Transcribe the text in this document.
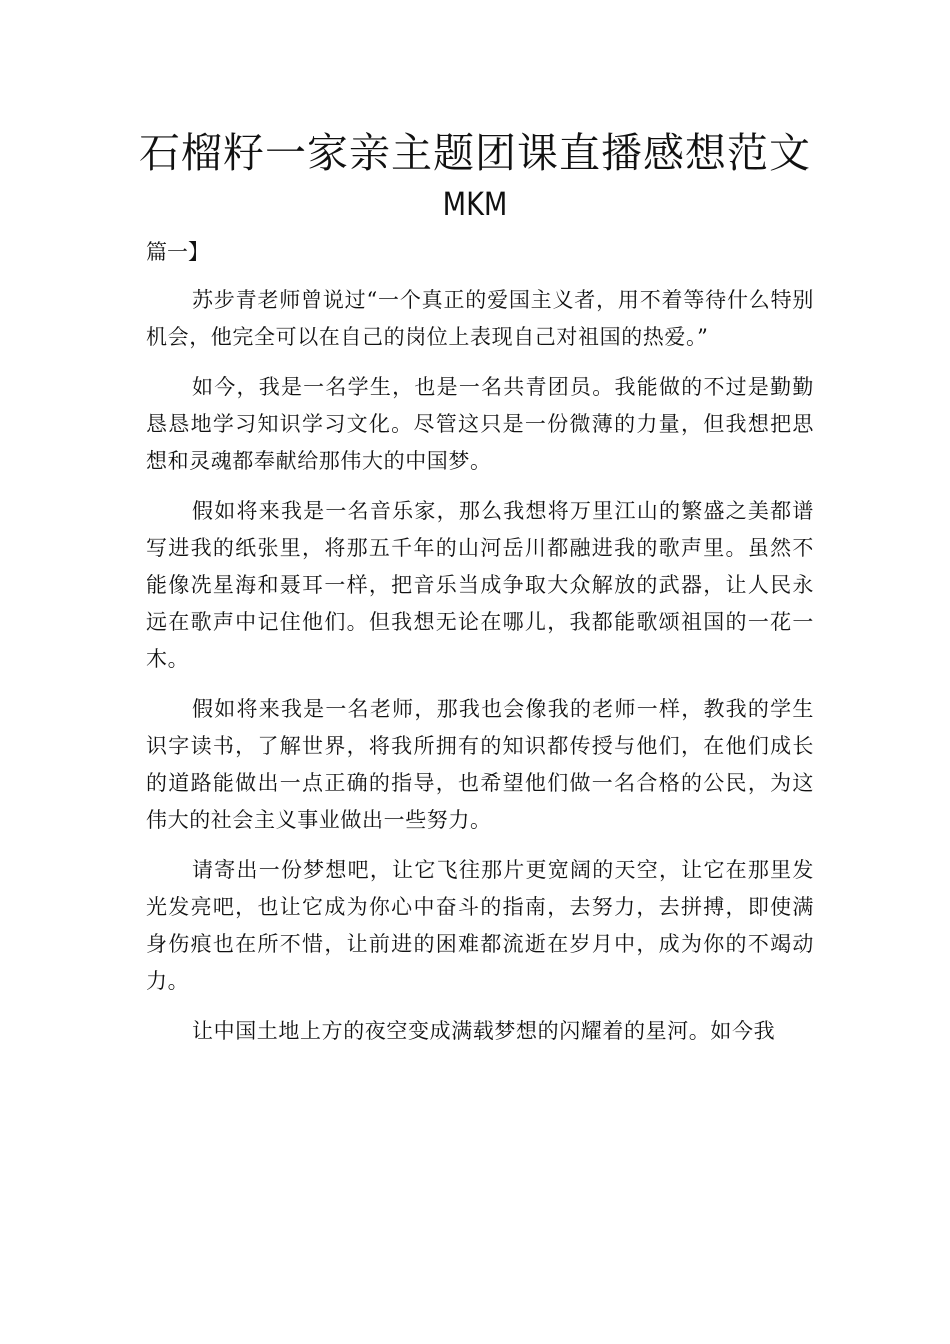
石榴籽一家亲主题团课直播感想范文
MKM
篇一】

苏步青老师曾说过“一个真正的爱国主义者，用不着等待什么特别机会，他完全可以在自己的岗位上表现自己对祖国的热爱。”

如今，我是一名学生，也是一名共青团员。我能做的不过是勤勤恳恳地学习知识学习文化。尽管这只是一份微薄的力量，但我想把思想和灵魂都奉献给那伟大的中国梦。

假如将来我是一名音乐家，那么我想将万里江山的繁盛之美都谱写进我的纸张里，将那五千年的山河岳川都融进我的歌声里。虽然不能像冼星海和聂耳一样，把音乐当成争取大众解放的武器，让人民永远在歌声中记住他们。但我想无论在哪儿，我都能歌颂祖国的一花一木。

假如将来我是一名老师，那我也会像我的老师一样，教我的学生识字读书，了解世界，将我所拥有的知识都传授与他们，在他们成长的道路能做出一点正确的指导，也希望他们做一名合格的公民，为这伟大的社会主义事业做出一些努力。

请寄出一份梦想吧，让它飞往那片更宽阔的天空，让它在那里发光发亮吧，也让它成为你心中奋斗的指南，去努力，去拼搏，即使满身伤痕也在所不惜，让前进的困难都流逝在岁月中，成为你的不竭动力。

让中国土地上方的夜空变成满载梦想的闪耀着的星河。如今我
